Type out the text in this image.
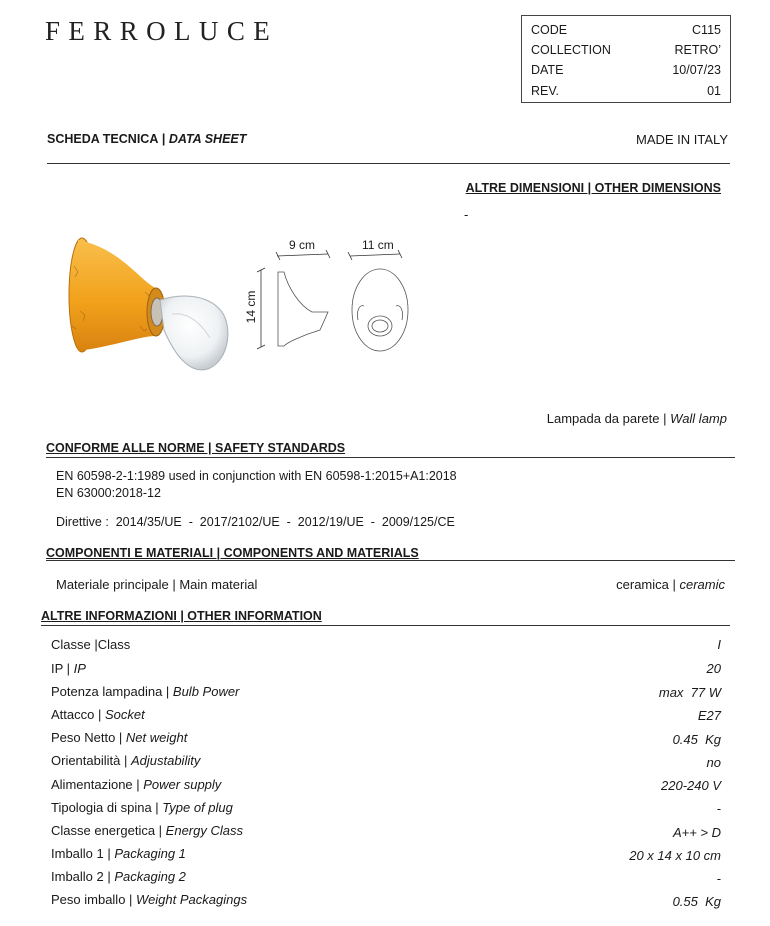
FERROLUCE	CODE	C115
COLLECTION	RETRO’
DATE	10/07/23
REV.	01
SCHEDA TECNICA | DATA SHEET	MADE IN ITALY
ALTRE DIMENSIONI | OTHER DIMENSIONS
-
9 cm	11 cm
14 cm
Lampada da parete | Wall lamp
CONFORME ALLE NORME | SAFETY STANDARDS
EN 60598-2-1:1989 used in conjunction with EN 60598-1:2015+A1:2018
EN 63000:2018-12
Direttive :  2014/35/UE  -  2017/2102/UE  -  2012/19/UE  -  2009/125/CE
COMPONENTI E MATERIALI | COMPONENTS AND MATERIALS
Materiale principale | Main material	ceramica | ceramic
ALTRE INFORMAZIONI | OTHER INFORMATION
Classe |Class	I
IP | IP	20
Potenza lampadina | Bulb Power	max  77 W
Attacco | Socket	E27
Peso Netto | Net weight	0.45  Kg
Orientabilità | Adjustability	no
Alimentazione | Power supply	220-240 V
Tipologia di spina | Type of plug	-
Classe energetica | Energy Class	A++ > D
Imballo 1 | Packaging 1	20 x 14 x 10 cm
Imballo 2 | Packaging 2	-
Peso imballo | Weight Packagings	0.55  Kg
